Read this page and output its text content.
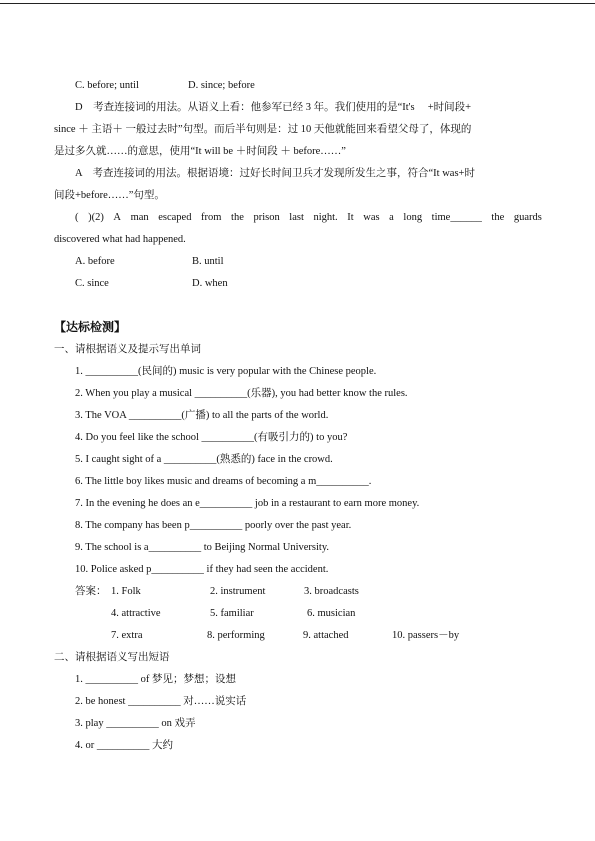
C. before; until	D. since; before
D　考查连接词的用法。从语义上看：他参军已经 3 年。我们使用的是“It's　 +时间段+
since ＋ 主语＋ 一般过去时”句型。而后半句则是：过 10 天他就能回来看望父母了，体现的
是过多久就……的意思，使用“It will be ＋时间段 ＋ before……”
A　考查连接词的用法。根据语境：过好长时间卫兵才发现所发生之事，符合“It was+时
间段+before……”句型。
( )(2) A man escaped from the prison last night. It was a long time______ the guards
discovered what had happened.
A. before	B. until
C. since	D. when
【达标检测】
一、请根据语义及提示写出单词
1. __________(民间的) music is very popular with the Chinese people.
2. When you play a musical __________(乐器), you had better know the rules.
3. The VOA __________(广播) to all the parts of the world.
4. Do you feel like the school __________(有吸引力的) to you?
5. I caught sight of a __________(熟悉的) face in the crowd.
6. The little boy likes music and dreams of becoming a m__________.
7. In the evening he does an e__________ job in a restaurant to earn more money.
8. The company has been p__________ poorly over the past year.
9. The school is a__________ to Beijing Normal University.
10. Police asked p__________ if they had seen the accident.
答案： 1. Folk	2. instrument	3. broadcasts
4. attractive	5. familiar	6. musician
7. extra	8. performing	9. attached	10. passers－by
二、请根据语义写出短语
1. __________ of 梦见；梦想；设想
2. be honest __________ 对……说实话
3. play __________ on 戏弄
4. or __________ 大约
